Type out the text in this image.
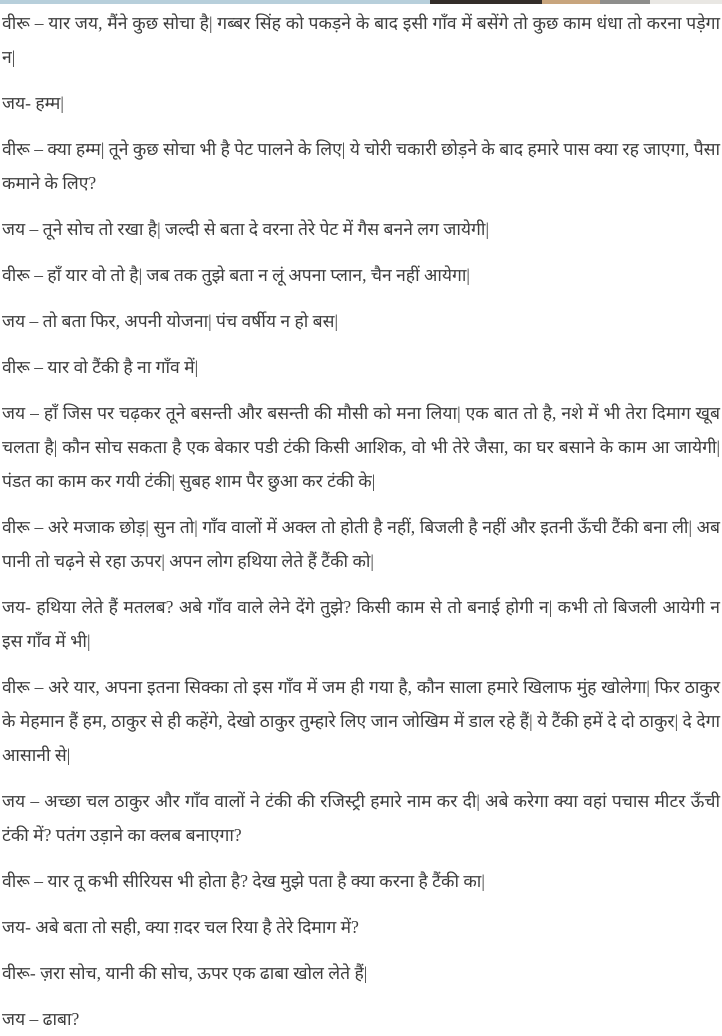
वीरू – यार जय, मैंने कुछ सोचा है| गब्बर सिंह को पकड़ने के बाद इसी गाँव में बसेंगे तो कुछ काम धंधा तो करना पड़ेगा न|

जय- हम्म|

वीरू – क्या हम्म| तूने कुछ सोचा भी है पेट पालने के लिए| ये चोरी चकारी छोड़ने के बाद हमारे पास क्या रह जाएगा, पैसा कमाने के लिए?

जय – तूने सोच तो रखा है| जल्दी से बता दे वरना तेरे पेट में गैस बनने लग जायेगी|

वीरू – हाँ यार वो तो है| जब तक तुझे बता न लूं अपना प्लान, चैन नहीं आयेगा|

जय – तो बता फिर, अपनी योजना| पंच वर्षीय न हो बस|

वीरू – यार वो टैंकी है ना गाँव में|

जय – हाँ जिस पर चढ़कर तूने बसन्ती और बसन्ती की मौसी को मना लिया| एक बात तो है, नशे में भी तेरा दिमाग खूब चलता है| कौन सोच सकता है एक बेकार पडी टंकी किसी आशिक, वो भी तेरे जैसा, का घर बसाने के काम आ जायेगी| पंडत का काम कर गयी टंकी| सुबह शाम पैर छुआ कर टंकी के|

वीरू – अरे मजाक छोड़| सुन तो| गाँव वालों में अक्ल तो होती है नहीं, बिजली है नहीं और इतनी ऊँची टैंकी बना ली| अब पानी तो चढ़ने से रहा ऊपर| अपन लोग हथिया लेते हैं टैंकी को|

जय- हथिया लेते हैं मतलब? अबे गाँव वाले लेने देंगे तुझे? किसी काम से तो बनाई होगी न| कभी तो बिजली आयेगी न इस गाँव में भी|

वीरू – अरे यार, अपना इतना सिक्का तो इस गाँव में जम ही गया है, कौन साला हमारे खिलाफ मुंह खोलेगा| फिर ठाकुर के मेहमान हैं हम, ठाकुर से ही कहेंगे, देखो ठाकुर तुम्हारे लिए जान जोखिम में डाल रहे हैं| ये टैंकी हमें दे दो ठाकुर| दे देगा आसानी से|

जय – अच्छा चल ठाकुर और गाँव वालों ने टंकी की रजिस्ट्री हमारे नाम कर दी| अबे करेगा क्या वहां पचास मीटर ऊँची टंकी में? पतंग उड़ाने का क्लब बनाएगा?

वीरू – यार तू कभी सीरियस भी होता है? देख मुझे पता है क्या करना है टैंकी का|

जय- अबे बता तो सही, क्या ग़दर चल रिया है तेरे दिमाग में?

वीरू- ज़रा सोच, यानी की सोच, ऊपर एक ढाबा खोल लेते हैं|

जय – ढाबा?
